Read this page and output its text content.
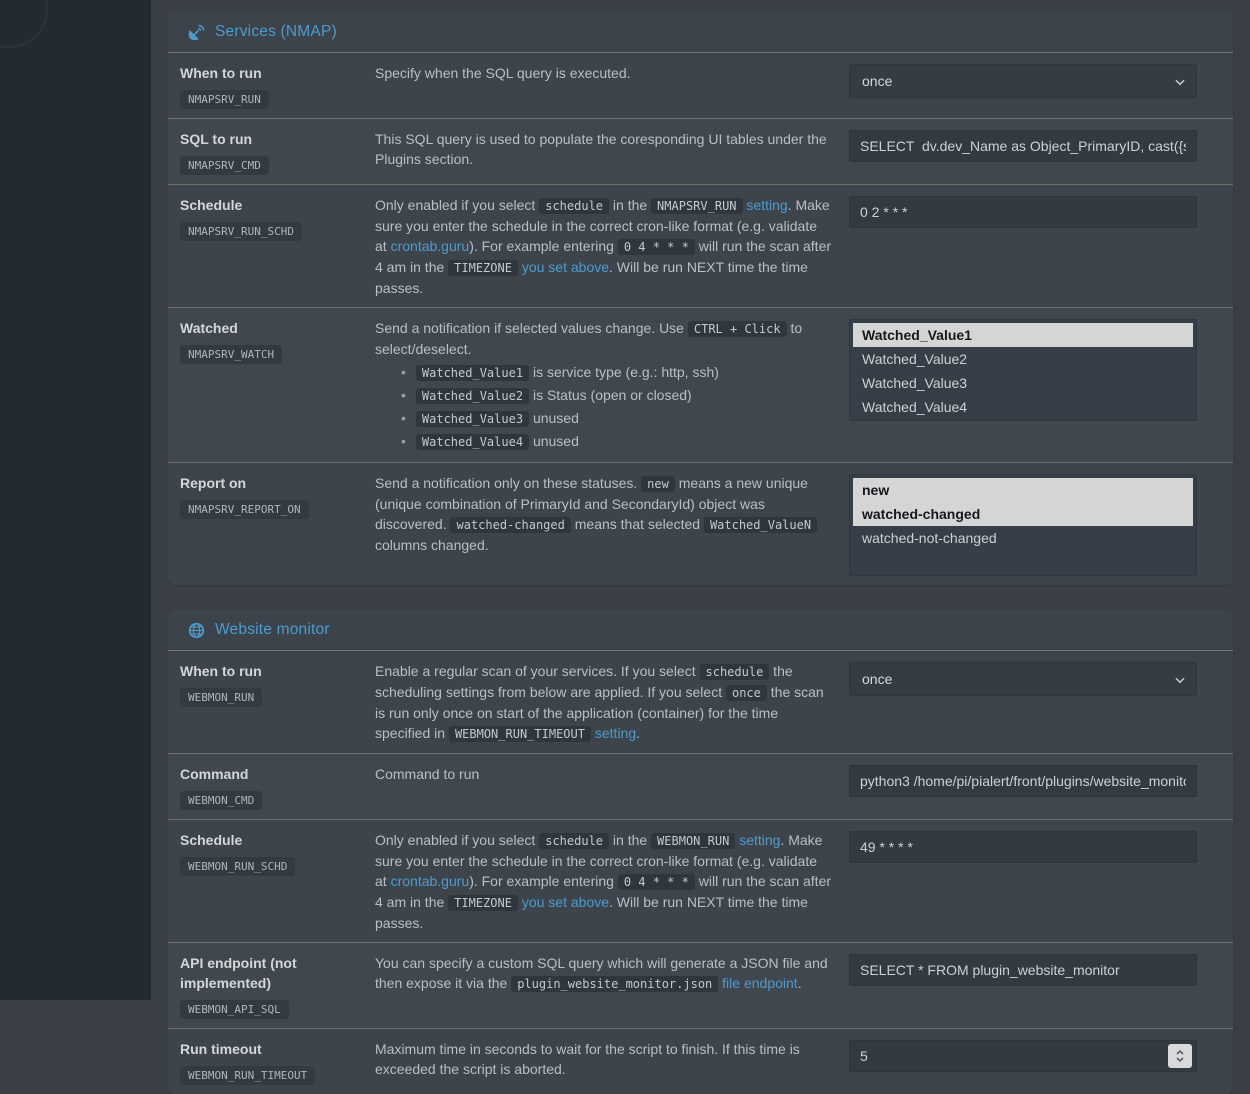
Services (NMAP)
When to run
NMAPSRV_RUN
Specify when the SQL query is executed.	once
SQL to run
NMAPSRV_CMD
This SQL query is used to populate the coresponding UI tables under the Plugins section.
SELECT dv.dev_Name as Object_PrimaryID, cast({s-quote
Schedule
NMAPSRV_RUN_SCHD
Only enabled if you select schedule in the NMAPSRV_RUN setting. Make sure you enter the schedule in the correct cron-like format (e.g. validate at crontab.guru). For example entering 0 4 * * * will run the scan after 4 am in the TIMEZONE you set above. Will be run NEXT time the time passes.
0 2 * * *
Watched
NMAPSRV_WATCH
Send a notification if selected values change. Use CTRL + Click to select/deselect.
• Watched_Value1 is service type (e.g.: http, ssh)
• Watched_Value2 is Status (open or closed)
• Watched_Value3 unused
• Watched_Value4 unused
Watched_Value1
Watched_Value2
Watched_Value3
Watched_Value4
Report on
NMAPSRV_REPORT_ON
Send a notification only on these statuses. new means a new unique (unique combination of PrimaryId and SecondaryId) object was discovered. watched-changed means that selected Watched_ValueN columns changed.
new
watched-changed
watched-not-changed
Website monitor
When to run
WEBMON_RUN
Enable a regular scan of your services. If you select schedule the scheduling settings from below are applied. If you select once the scan is run only once on start of the application (container) for the time specified in WEBMON_RUN_TIMEOUT setting.
once
Command
WEBMON_CMD
Command to run
python3 /home/pi/pialert/front/plugins/website_monitor
Schedule
WEBMON_RUN_SCHD
Only enabled if you select schedule in the WEBMON_RUN setting. Make sure you enter the schedule in the correct cron-like format (e.g. validate at crontab.guru). For example entering 0 4 * * * will run the scan after 4 am in the TIMEZONE you set above. Will be run NEXT time the time passes.
49 * * * *
API endpoint (not implemented)
WEBMON_API_SQL
You can specify a custom SQL query which will generate a JSON file and then expose it via the plugin_website_monitor.json file endpoint.
SELECT * FROM plugin_website_monitor
Run timeout
WEBMON_RUN_TIMEOUT
Maximum time in seconds to wait for the script to finish. If this time is exceeded the script is aborted.
5
